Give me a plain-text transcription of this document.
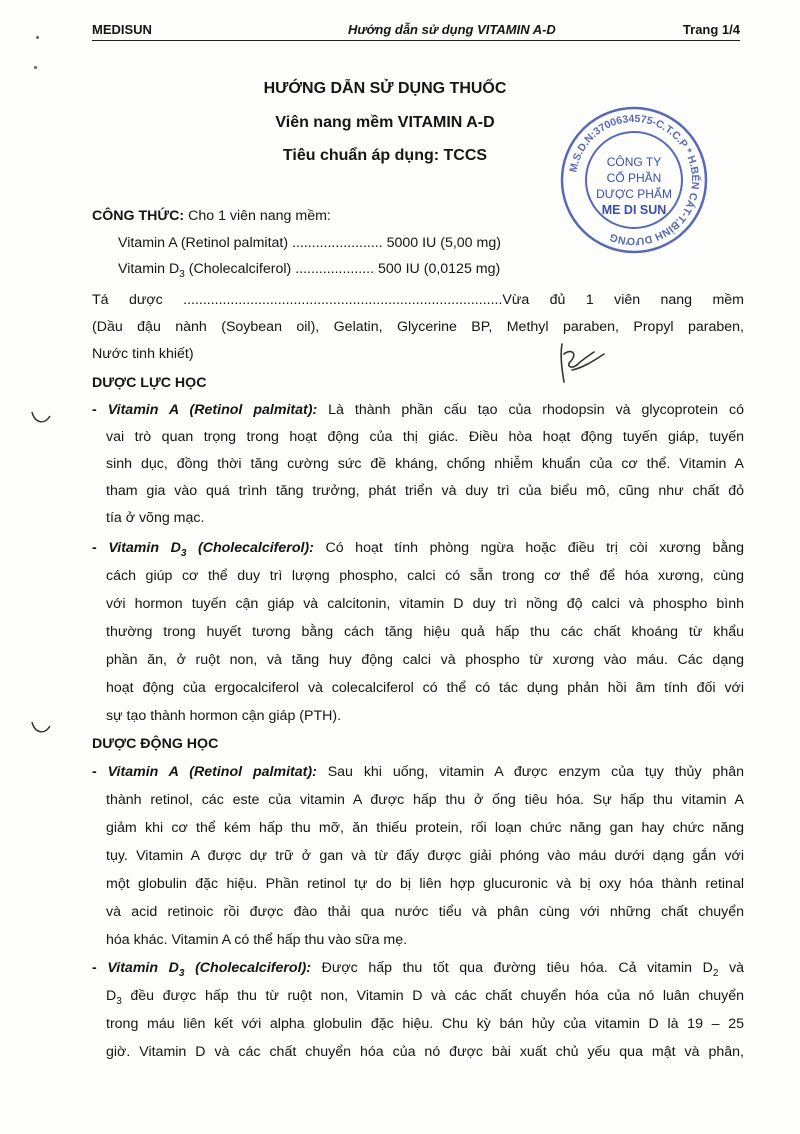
MEDISUN	Hướng dẫn sử dụng VITAMIN A-D	Trang 1/4
HƯỚNG DẪN SỬ DỤNG THUỐC
Viên nang mềm VITAMIN A-D
Tiêu chuẩn áp dụng: TCCS
M.S.D.N:3700634575-C.T.C.P * H.BẾN CÁT-T.BÌNH DƯƠNG
CÔNG TY
CỔ PHẦN
DƯỢC PHẨM
ME DI SUN
CÔNG THỨC: Cho 1 viên nang mềm:
Vitamin A (Retinol palmitat) ....................... 5000 IU (5,00 mg)
Vitamin $D_3$ (Cholecalciferol) .................... 500 IU (0,0125 mg)
Tá dược .................................................................................Vừa đủ 1 viên nang mềm
(Dầu đậu nành (Soybean oil), Gelatin, Glycerine BP, Methyl paraben, Propyl paraben,
Nước tinh khiết)
DƯỢC LỰC HỌC
- Vitamin A (Retinol palmitat): Là thành phần cấu tạo của rhodopsin và glycoprotein có
vai trò quan trọng trong hoạt động của thị giác. Điều hòa hoạt động tuyến giáp, tuyến
sinh dục, đồng thời tăng cường sức đề kháng, chống nhiễm khuẩn của cơ thể. Vitamin A
tham gia vào quá trình tăng trưởng, phát triển và duy trì của biểu mô, cũng như chất đỏ
tía ở võng mạc.
- Vitamin $D_3$ (Cholecalciferol): Có hoạt tính phòng ngừa hoặc điều trị còi xương bằng
cách giúp cơ thể duy trì lượng phospho, calci có sẵn trong cơ thể để hóa xương, cùng
với hormon tuyến cận giáp và calcitonin, vitamin D duy trì nồng độ calci và phospho bình
thường trong huyết tương bằng cách tăng hiệu quả hấp thu các chất khoáng từ khẩu
phần ăn, ở ruột non, và tăng huy động calci và phospho từ xương vào máu. Các dạng
hoạt động của ergocalciferol và colecalciferol có thể có tác dụng phản hồi âm tính đối với
sự tạo thành hormon cận giáp (PTH).
DƯỢC ĐỘNG HỌC
- Vitamin A (Retinol palmitat): Sau khi uống, vitamin A được enzym của tụy thủy phân
thành retinol, các este của vitamin A được hấp thu ở ống tiêu hóa. Sự hấp thu vitamin A
giảm khi cơ thể kém hấp thu mỡ, ăn thiếu protein, rối loạn chức năng gan hay chức năng
tụy. Vitamin A được dự trữ ở gan và từ đấy được giải phóng vào máu dưới dạng gắn với
một globulin đặc hiệu. Phần retinol tự do bị liên hợp glucuronic và bị oxy hóa thành retinal
và acid retinoic rồi được đào thải qua nước tiểu và phân cùng với những chất chuyển
hóa khác. Vitamin A có thể hấp thu vào sữa mẹ.
- Vitamin $D_3$ (Cholecalciferol): Được hấp thu tốt qua đường tiêu hóa. Cả vitamin $D_2$ và
$D_3$ đều được hấp thu từ ruột non, Vitamin D và các chất chuyển hóa của nó luân chuyển
trong máu liên kết với alpha globulin đặc hiệu. Chu kỳ bán hủy của vitamin D là 19 – 25
giờ. Vitamin D và các chất chuyển hóa của nó được bài xuất chủ yếu qua mật và phân,
